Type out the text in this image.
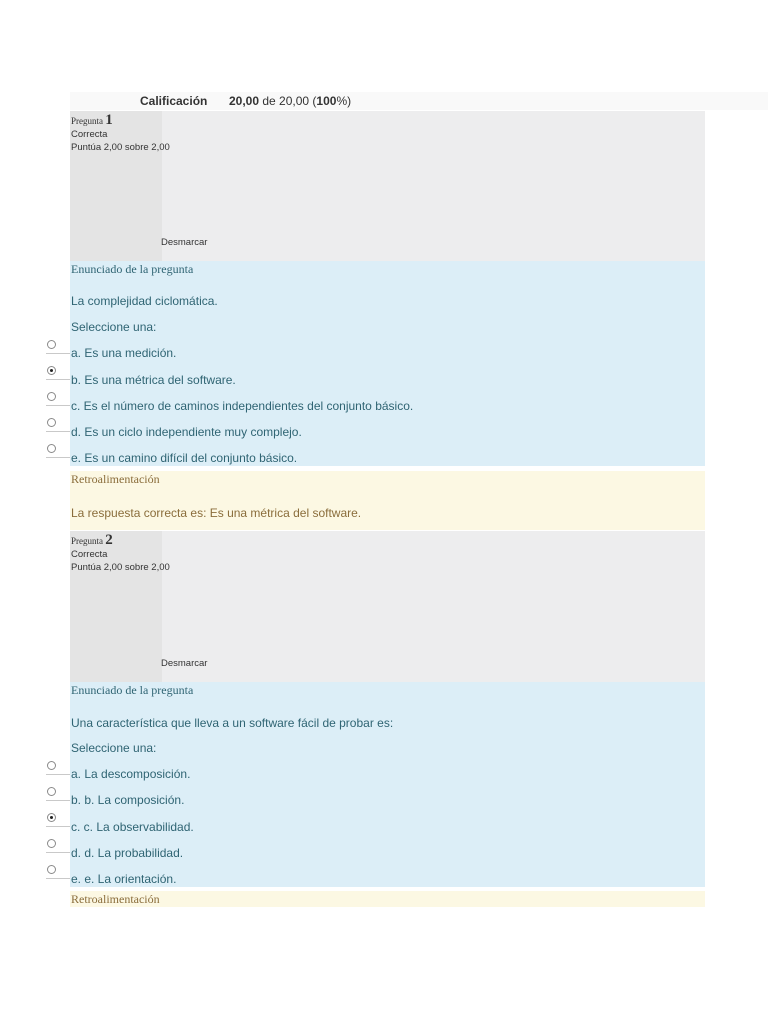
Calificación 20,00 de 20,00 (100%)
Pregunta 1
Correcta
Puntúa 2,00 sobre 2,00
Desmarcar
Enunciado de la pregunta
La complejidad ciclomática.
Seleccione una:
a. Es una medición.
b. Es una métrica del software.
c. Es el número de caminos independientes del conjunto básico.
d. Es un ciclo independiente muy complejo.
e. Es un camino difícil del conjunto básico.
Retroalimentación
La respuesta correcta es: Es una métrica del software.
Pregunta 2
Correcta
Puntúa 2,00 sobre 2,00
Desmarcar
Enunciado de la pregunta
Una característica que lleva a un software fácil de probar es:
Seleccione una:
a. La descomposición.
b. b. La composición.
c. c. La observabilidad.
d. d. La probabilidad.
e. e. La orientación.
Retroalimentación
